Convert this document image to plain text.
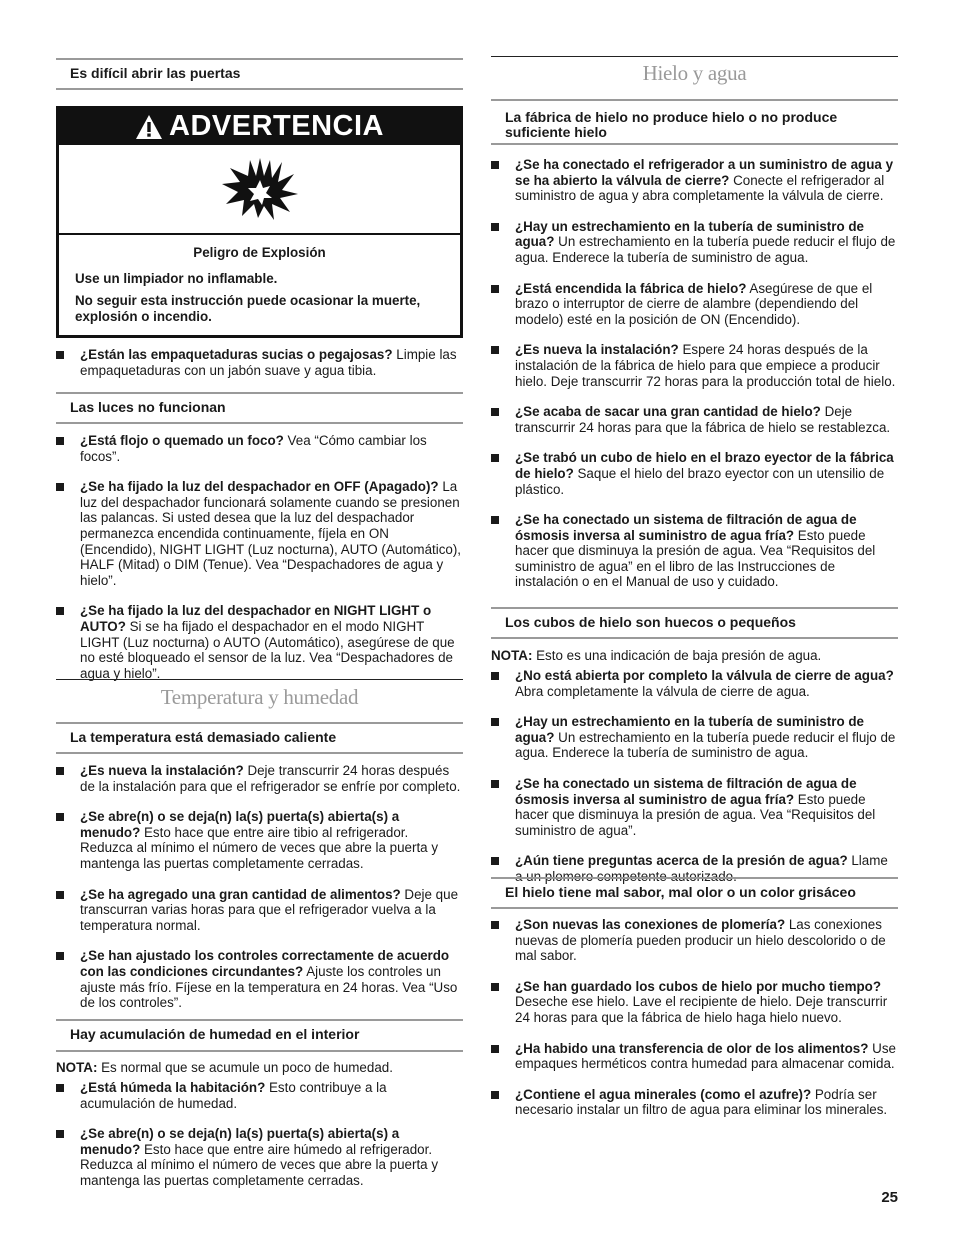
Es difícil abrir las puertas
ADVERTENCIA
Peligro de Explosión

Use un limpiador no inflamable.

No seguir esta instrucción puede ocasionar la muerte, explosión o incendio.

¿Están las empaquetaduras sucias o pegajosas? Limpie las empaquetaduras con un jabón suave y agua tibia.
Las luces no funcionan
¿Está flojo o quemado un foco? Vea “Cómo cambiar los focos”.
¿Se ha fijado la luz del despachador en OFF (Apagado)? La luz del despachador funcionará solamente cuando se presionen las palancas. Si usted desea que la luz del despachador permanezca encendida continuamente, fíjela en ON (Encendido), NIGHT LIGHT (Luz nocturna), AUTO (Automático), HALF (Mitad) o DIM (Tenue). Vea “Despachadores de agua y hielo”.
¿Se ha fijado la luz del despachador en NIGHT LIGHT o AUTO? Si se ha fijado el despachador en el modo NIGHT LIGHT (Luz nocturna) o AUTO (Automático), asegúrese de que no esté bloqueado el sensor de la luz. Vea “Despachadores de agua y hielo”.
Temperatura y humedad
La temperatura está demasiado caliente
¿Es nueva la instalación? Deje transcurrir 24 horas después de la instalación para que el refrigerador se enfríe por completo.
¿Se abre(n) o se deja(n) la(s) puerta(s) abierta(s) a menudo? Esto hace que entre aire tibio al refrigerador. Reduzca al mínimo el número de veces que abre la puerta y mantenga las puertas completamente cerradas.
¿Se ha agregado una gran cantidad de alimentos? Deje que transcurran varias horas para que el refrigerador vuelva a la temperatura normal.
¿Se han ajustado los controles correctamente de acuerdo con las condiciones circundantes? Ajuste los controles un ajuste más frío. Fíjese en la temperatura en 24 horas. Vea “Uso de los controles”.
Hay acumulación de humedad en el interior
NOTA: Es normal que se acumule un poco de humedad.
¿Está húmeda la habitación? Esto contribuye a la acumulación de humedad.
¿Se abre(n) o se deja(n) la(s) puerta(s) abierta(s) a menudo? Esto hace que entre aire húmedo al refrigerador. Reduzca al mínimo el número de veces que abre la puerta y mantenga las puertas completamente cerradas.
Hielo y agua
La fábrica de hielo no produce hielo o no produce suficiente hielo
¿Se ha conectado el refrigerador a un suministro de agua y se ha abierto la válvula de cierre? Conecte el refrigerador al suministro de agua y abra completamente la válvula de cierre.
¿Hay un estrechamiento en la tubería de suministro de agua? Un estrechamiento en la tubería puede reducir el flujo de agua. Enderece la tubería de suministro de agua.
¿Está encendida la fábrica de hielo? Asegúrese de que el brazo o interruptor de cierre de alambre (dependiendo del modelo) esté en la posición de ON (Encendido).
¿Es nueva la instalación? Espere 24 horas después de la instalación de la fábrica de hielo para que empiece a producir hielo. Deje transcurrir 72 horas para la producción total de hielo.
¿Se acaba de sacar una gran cantidad de hielo? Deje transcurrir 24 horas para que la fábrica de hielo se restablezca.
¿Se trabó un cubo de hielo en el brazo eyector de la fábrica de hielo? Saque el hielo del brazo eyector con un utensilio de plástico.
¿Se ha conectado un sistema de filtración de agua de ósmosis inversa al suministro de agua fría? Esto puede hacer que disminuya la presión de agua. Vea “Requisitos del suministro de agua” en el libro de las Instrucciones de instalación o en el Manual de uso y cuidado.
Los cubos de hielo son huecos o pequeños
NOTA: Esto es una indicación de baja presión de agua.
¿No está abierta por completo la válvula de cierre de agua? Abra completamente la válvula de cierre de agua.
¿Hay un estrechamiento en la tubería de suministro de agua? Un estrechamiento en la tubería puede reducir el flujo de agua. Enderece la tubería de suministro de agua.
¿Se ha conectado un sistema de filtración de agua de ósmosis inversa al suministro de agua fría? Esto puede hacer que disminuya la presión de agua. Vea “Requisitos del suministro de agua”.
¿Aún tiene preguntas acerca de la presión de agua? Llame a un plomero competente autorizado.
El hielo tiene mal sabor, mal olor o un color grisáceo
¿Son nuevas las conexiones de plomería? Las conexiones nuevas de plomería pueden producir un hielo descolorido o de mal sabor.
¿Se han guardado los cubos de hielo por mucho tiempo? Deseche ese hielo. Lave el recipiente de hielo. Deje transcurrir 24 horas para que la fábrica de hielo haga hielo nuevo.
¿Ha habido una transferencia de olor de los alimentos? Use empaques herméticos contra humedad para almacenar comida.
¿Contiene el agua minerales (como el azufre)? Podría ser necesario instalar un filtro de agua para eliminar los minerales.
25
